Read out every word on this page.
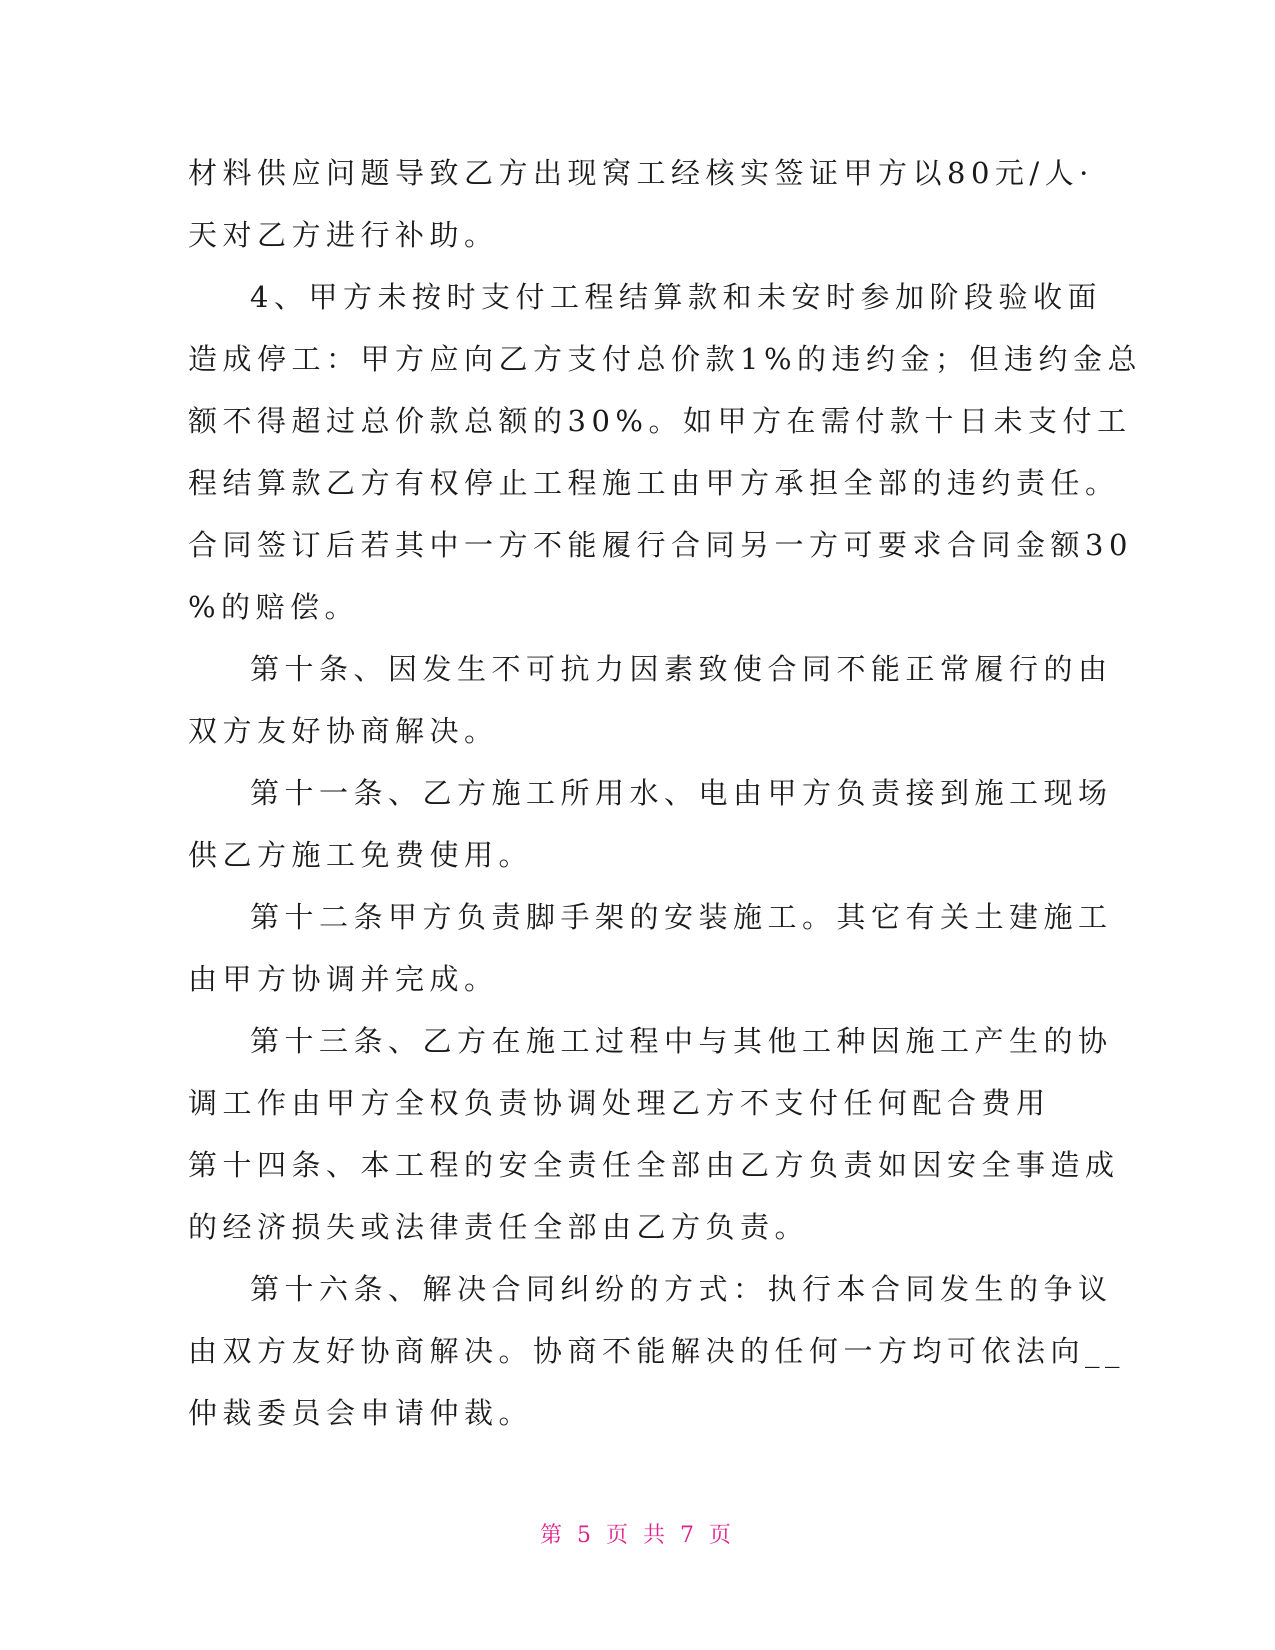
材料供应问题导致乙方出现窝工经核实签证甲方以80元/人·
天对乙方进行补助。
4、甲方未按时支付工程结算款和未安时参加阶段验收面
造成停工：甲方应向乙方支付总价款1%的违约金；但违约金总
额不得超过总价款总额的30%。如甲方在需付款十日未支付工
程结算款乙方有权停止工程施工由甲方承担全部的违约责任。
合同签订后若其中一方不能履行合同另一方可要求合同金额30
%的赔偿。
第十条、因发生不可抗力因素致使合同不能正常履行的由
双方友好协商解决。
第十一条、乙方施工所用水、电由甲方负责接到施工现场
供乙方施工免费使用。
第十二条甲方负责脚手架的安装施工。其它有关土建施工
由甲方协调并完成。
第十三条、乙方在施工过程中与其他工种因施工产生的协
调工作由甲方全权负责协调处理乙方不支付任何配合费用
第十四条、本工程的安全责任全部由乙方负责如因安全事造成
的经济损失或法律责任全部由乙方负责。
第十六条、解决合同纠纷的方式：执行本合同发生的争议
由双方友好协商解决。协商不能解决的任何一方均可依法向__
仲裁委员会申请仲裁。
第 5 页 共 7 页
